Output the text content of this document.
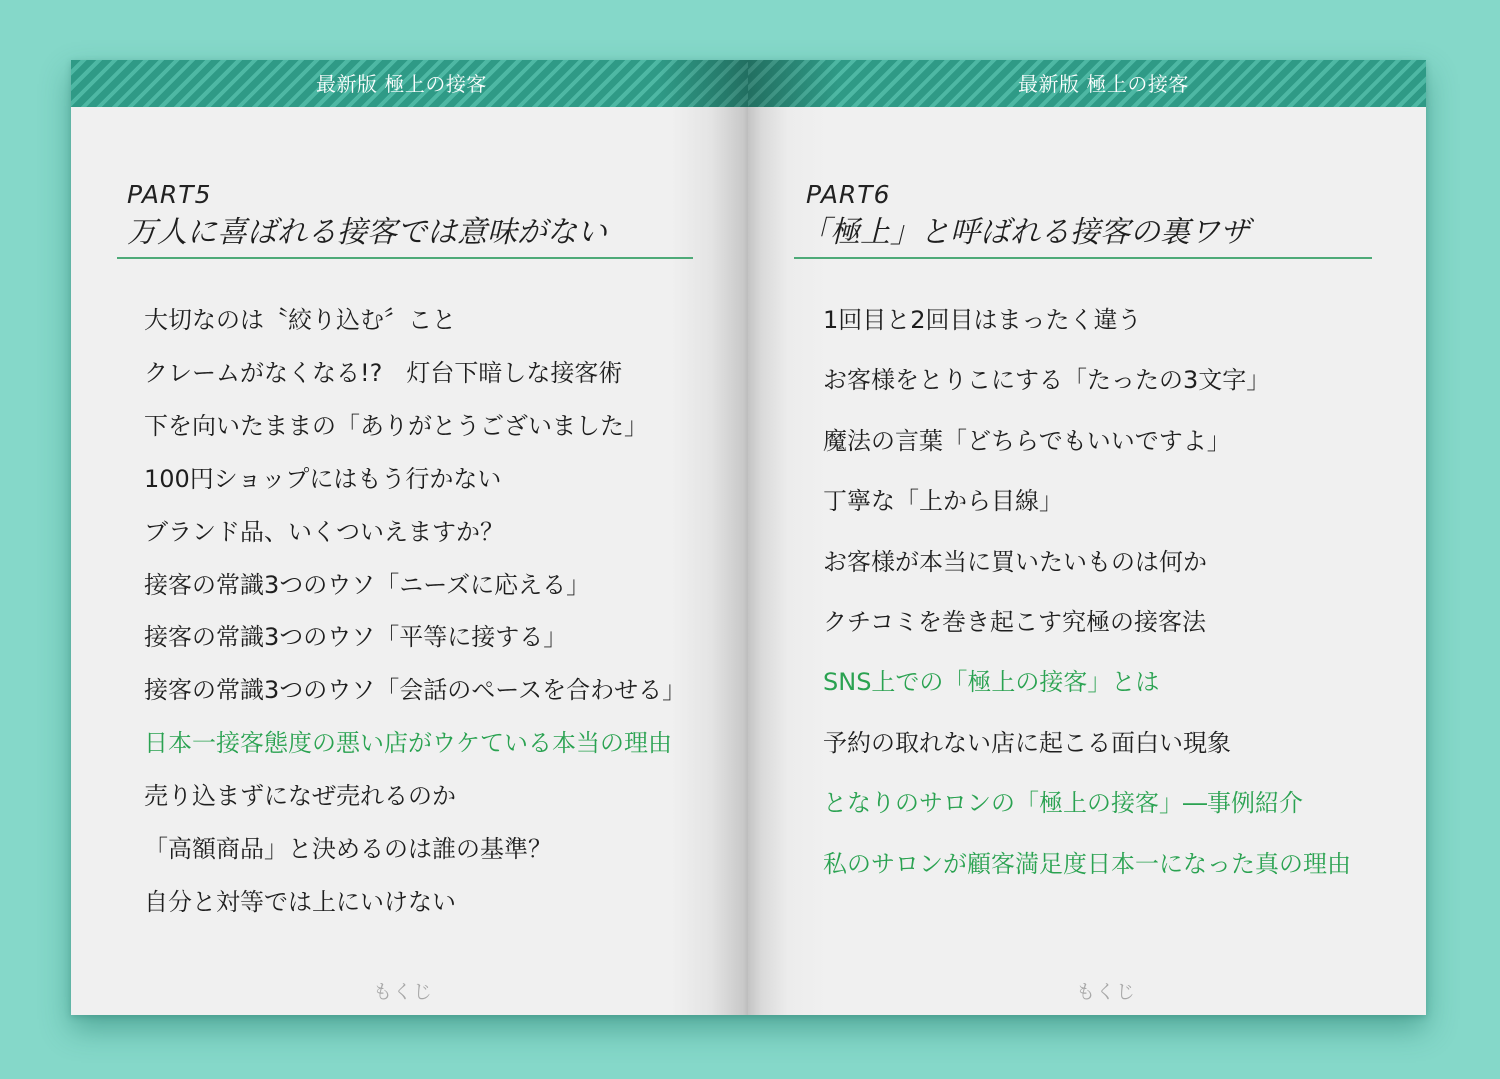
最新版 極上の接客
PART5
万人に喜ばれる接客では意味がない
大切なのは〝絞り込む〞こと
クレームがなくなる!?　灯台下暗しな接客術
下を向いたままの「ありがとうございました」
100円ショップにはもう行かない
ブランド品、いくついえますか？
接客の常識3つのウソ「ニーズに応える」
接客の常識3つのウソ「平等に接する」
接客の常識3つのウソ「会話のペースを合わせる」
日本一接客態度の悪い店がウケている本当の理由
売り込まずになぜ売れるのか
「高額商品」と決めるのは誰の基準？
自分と対等では上にいけない
もくじ
最新版 極上の接客
PART6
「極上」と呼ばれる接客の裏ワザ
1回目と2回目はまったく違う
お客様をとりこにする「たったの3文字」
魔法の言葉「どちらでもいいですよ」
丁寧な「上から目線」
お客様が本当に買いたいものは何か
クチコミを巻き起こす究極の接客法
SNS上での「極上の接客」とは
予約の取れない店に起こる面白い現象
となりのサロンの「極上の接客」―事例紹介
私のサロンが顧客満足度日本一になった真の理由
もくじ
